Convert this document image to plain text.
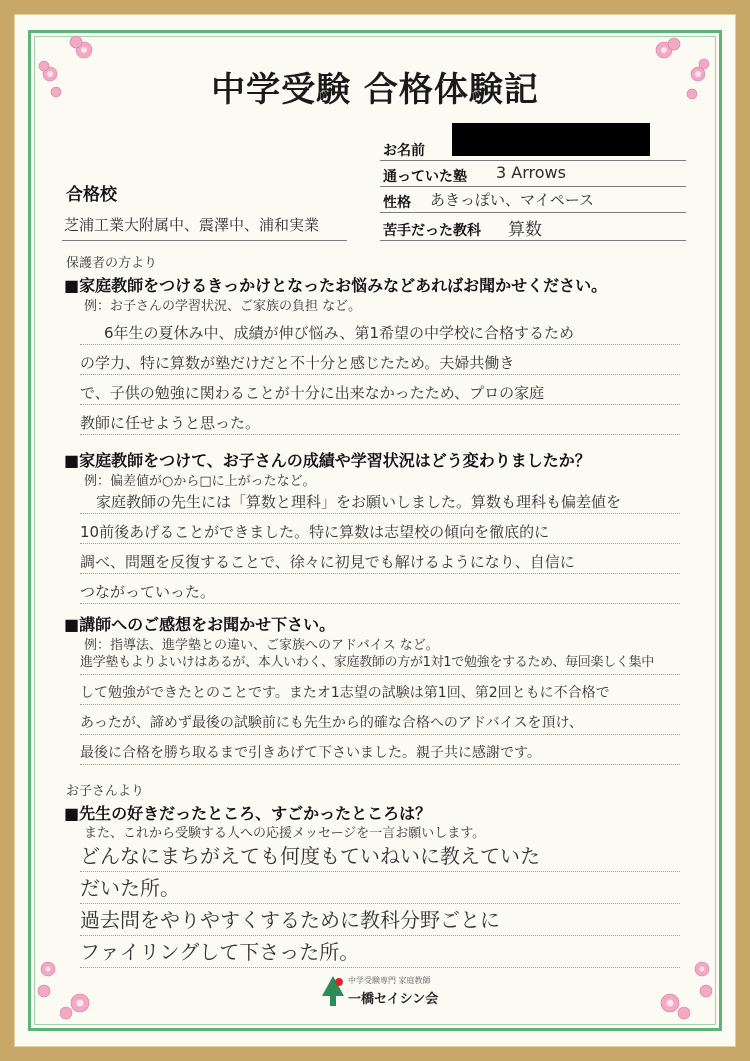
中学受験 合格体験記
合格校
芝浦工業大附属中、震澤中、浦和実業
お名前
通っていた塾 3 Arrows
性格 あきっぽい、マイペース
苦手だった教科 算数
保護者の方より
■家庭教師をつけるきっかけとなったお悩みなどあればお聞かせください。
例：お子さんの学習状況、ご家族の負担 など。
6年生の夏休み中、成績が伸び悩み、第1希望の中学校に合格するため
の学力、特に算数が塾だけだと不十分と感じたため。夫婦共働き
で、子供の勉強に関わることが十分に出来なかったため、プロの家庭
教師に任せようと思った。
■家庭教師をつけて、お子さんの成績や学習状況はどう変わりましたか？
例：偏差値が○から□に上がったなど。
家庭教師の先生には「算数と理科」をお願いしました。算数も理科も偏差値を
10前後あげることができました。特に算数は志望校の傾向を徹底的に
調べ、問題を反復することで、徐々に初見でも解けるようになり、自信に
つながっていった。
■講師へのご感想をお聞かせ下さい。
例：指導法、進学塾との違い、ご家族へのアドバイス など。
進学塾もよりよいけはあるが、本人いわく、家庭教師の方が1対1で勉強をするため、毎回楽しく集中
して勉強ができたとのことです。またオ1志望の試験は第1回、第2回ともに不合格で
あったが、諦めず最後の試験前にも先生から的確な合格へのアドバイスを頂け、
最後に合格を勝ち取るまで引きあげて下さいました。親子共に感謝です。
お子さんより
■先生の好きだったところ、すごかったところは？
また、これから受験する人への応援メッセージを一言お願いします。
どんなにまちがえても何度もていねいに教えていた
だいた所。
過去問をやりやすくするために教科分野ごとに
ファイリングして下さった所。
中学受験専門 家庭教師
一橋セイシン会
